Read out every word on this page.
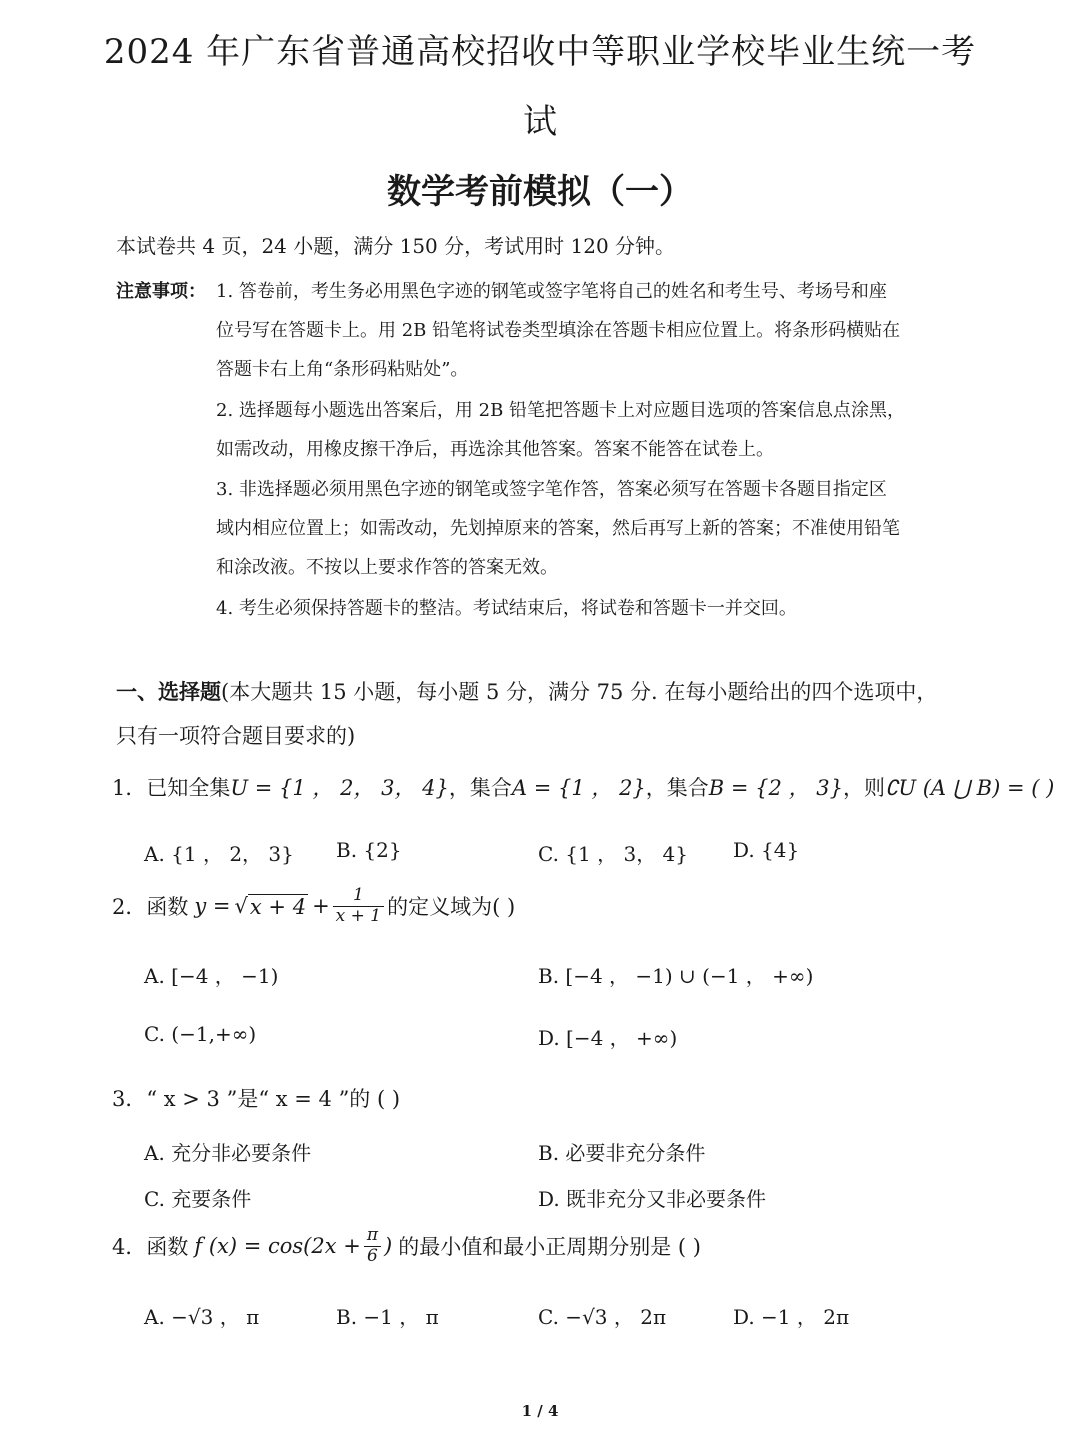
2024 年广东省普通高校招收中等职业学校毕业生统一考
试
数学考前模拟（一）
本试卷共 4 页，24 小题，满分 150 分，考试用时 120 分钟。
注意事项： 1. 答卷前，考生务必用黑色字迹的钢笔或签字笔将自己的姓名和考生号、考场号和座
位号写在答题卡上。用 2B 铅笔将试卷类型填涂在答题卡相应位置上。将条形码横贴在
答题卡右上角“条形码粘贴处”。
2. 选择题每小题选出答案后，用 2B 铅笔把答题卡上对应题目选项的答案信息点涂黑，
如需改动，用橡皮擦干净后，再选涂其他答案。答案不能答在试卷上。
3. 非选择题必须用黑色字迹的钢笔或签字笔作答，答案必须写在答题卡各题目指定区
域内相应位置上；如需改动，先划掉原来的答案，然后再写上新的答案；不准使用铅笔
和涂改液。不按以上要求作答的答案无效。
4. 考生必须保持答题卡的整洁。考试结束后，将试卷和答题卡一并交回。
一、选择题(本大题共 15 小题，每小题 5 分，满分 75 分. 在每小题给出的四个选项中，
只有一项符合题目要求的)
1．已知全集U = {1 ， 2， 3， 4}，集合A = {1 ， 2}，集合B = {2 ， 3}，则∁U (A ⋃ B) = ( )
A. {1 ， 2， 3} B. {2}	C. {1 ， 3， 4} D. {4}
2．函数 y = √ $x + 4 + \frac{1}{x + 1}$ 的定义域为( )
A. [−4 ， −1)	B. [−4 ， −1) ∪ (−1 ， +∞)
C. (−1,+∞)	D. [−4 ， +∞)
3．“ x > 3 ”是“ x = 4 ”的 ( )
A. 充分非必要条件	B. 必要非充分条件
C. 充要条件	D. 既非充分又非必要条件
4．函数 f $(x) = \cos(2x + \frac{\pi}{6}$ ) 的最小值和最小正周期分别是 ( )
A. −√3 ， π	B. −1 ， π	C. −√3 ， 2π	D. −1 ， 2π
1 / 4
